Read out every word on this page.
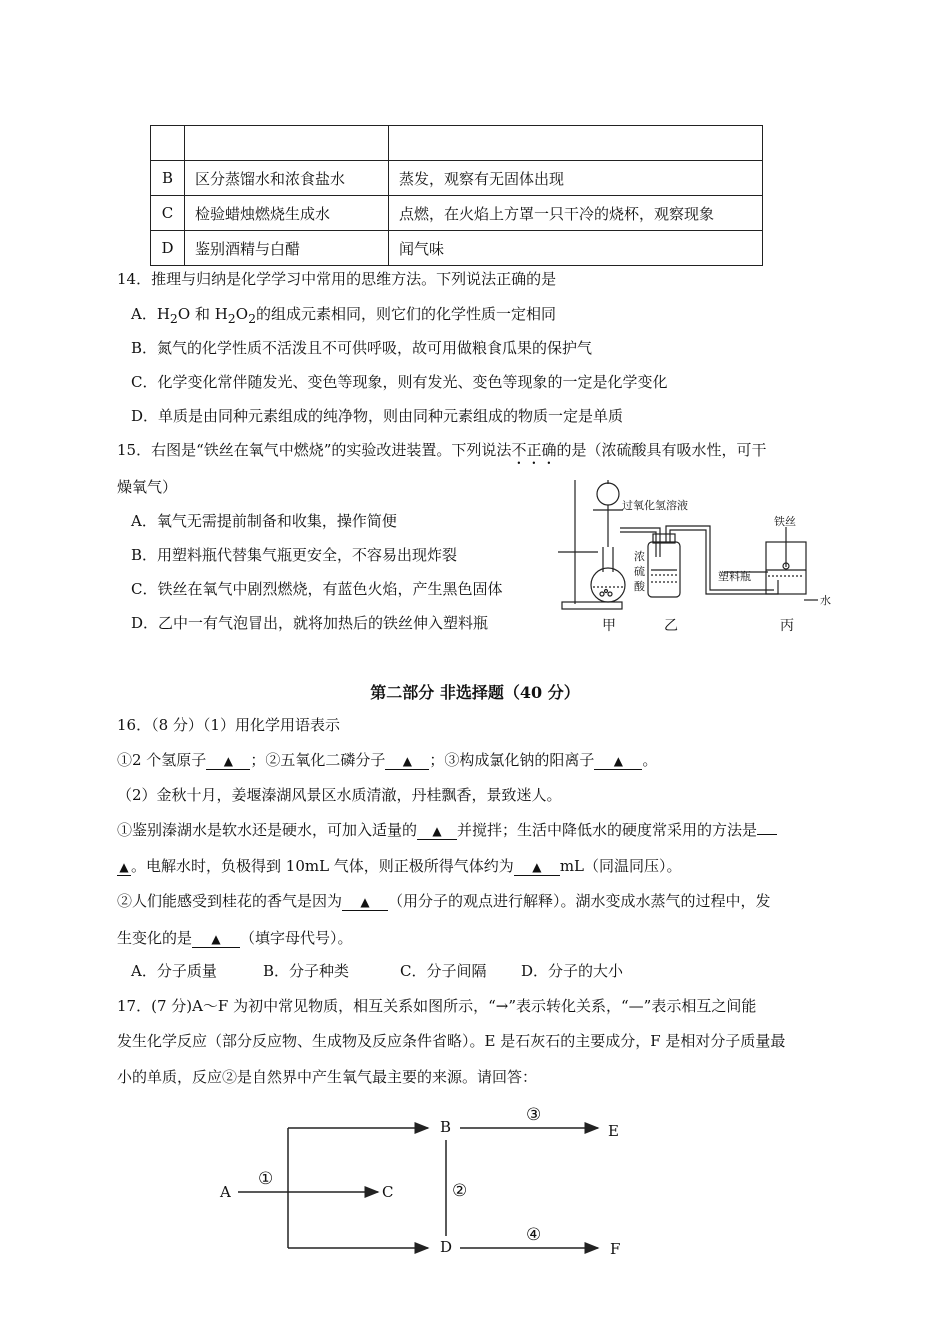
B	区分蒸馏水和浓食盐水	蒸发，观察有无固体出现
C	检验蜡烛燃烧生成水	点燃，在火焰上方罩一只干冷的烧杯，观察现象
D	鉴别酒精与白醋	闻气味
14．推理与归纳是化学学习中常用的思维方法。下列说法正确的是
A．$H_2O$ 和 $H_2O_2$的组成元素相同，则它们的化学性质一定相同
B．氮气的化学性质不活泼且不可供呼吸，故可用做粮食瓜果的保护气
C．化学变化常伴随发光、变色等现象，则有发光、变色等现象的一定是化学变化
D．单质是由同种元素组成的纯净物，则由同种元素组成的物质一定是单质
15．右图是“铁丝在氧气中燃烧”的实验改进装置。下列说法不正确的是（浓硫酸具有吸水性，可干
燥氧气）
A．氧气无需提前制备和收集，操作简便
B．用塑料瓶代替集气瓶更安全，不容易出现炸裂
C．铁丝在氧气中剧烈燃烧，有蓝色火焰，产生黑色固体
D．乙中一有气泡冒出，就将加热后的铁丝伸入塑料瓶
过氧化氢溶液
浓
硫
酸
铁丝
塑料瓶
水
甲	乙	丙
第二部分 非选择题（40 分）
16．（8 分）（1）用化学用语表示
①2 个氢原子 ▲ ；②五氧化二磷分子 ▲ ；③构成氯化钠的阳离子 ▲ 。
（2）金秋十月，姜堰溱湖风景区水质清澈，丹桂飘香，景致迷人。
①鉴别溱湖水是软水还是硬水，可加入适量的 ▲ 并搅拌；生活中降低水的硬度常采用的方法是
▲ 。电解水时，负极得到 10mL 气体，则正极所得气体约为 ▲ mL（同温同压）。
②人们能感受到桂花的香气是因为 ▲ （用分子的观点进行解释）。湖水变成水蒸气的过程中，发
生变化的是 ▲ （填字母代号）。
A．分子质量	B．分子种类	C．分子间隔 D．分子的大小
17．(7 分)A～F 为初中常见物质，相互关系如图所示，“→”表示转化关系，“—”表示相互之间能
发生化学反应（部分反应物、生成物及反应条件省略）。E 是石灰石的主要成分，F 是相对分子质量最
小的单质，反应②是自然界中产生氧气最主要的来源。请回答：
A	C
B
D
E
F
①
②
③
④
